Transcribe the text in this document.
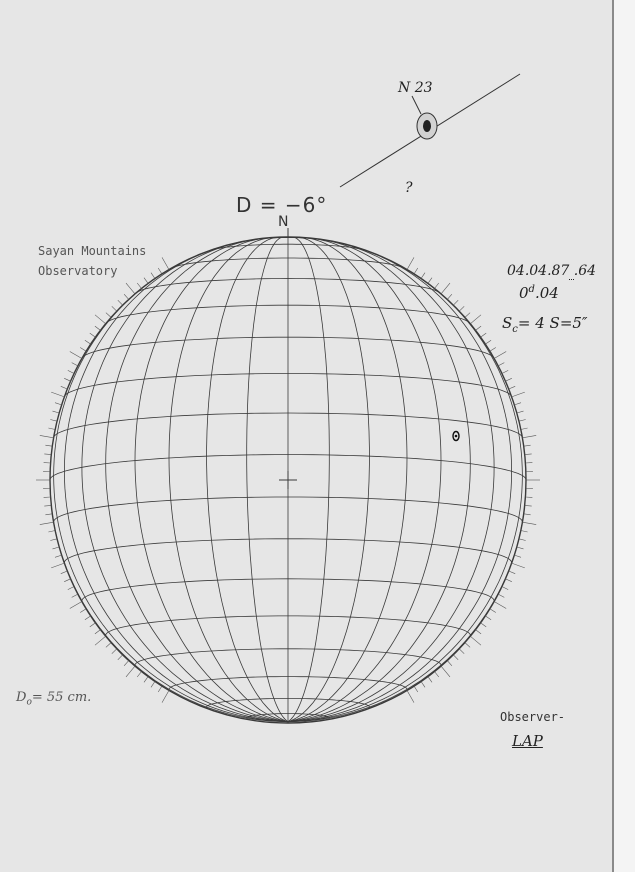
D = −6°
N
Sayan Mountains
Observatory	04.04.87 .64
0$^d$.04
$S_c= 4$ S=5″
N 23
?
$D_o= 55$ cm.
Observer-
LAP
